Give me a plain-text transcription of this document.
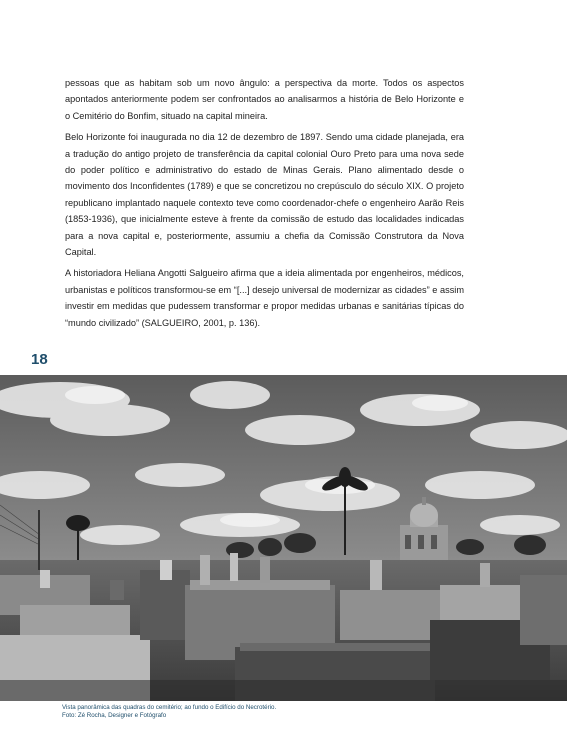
pessoas que as habitam sob um novo ângulo: a perspectiva da morte. Todos os aspectos apontados anteriormente podem ser confrontados ao analisarmos a história de Belo Horizonte e o Cemitério do Bonfim, situado na capital mineira.

Belo Horizonte foi inaugurada no dia 12 de dezembro de 1897. Sendo uma cidade planejada, era a tradução do antigo projeto de transferência da capital colonial Ouro Preto para uma nova sede do poder político e administrativo do estado de Minas Gerais. Plano alimentado desde o movimento dos Inconfidentes (1789) e que se concretizou no crepúsculo do século XIX. O projeto republicano implantado naquele contexto teve como coordenador-chefe o engenheiro Aarão Reis (1853-1936), que inicialmente esteve à frente da comissão de estudo das localidades indicadas para a nova capital e, posteriormente, assumiu a chefia da Comissão Construtora da Nova Capital.

A historiadora Heliana Angotti Salgueiro afirma que a ideia alimentada por engenheiros, médicos, urbanistas e políticos transformou-se em “[...] desejo universal de modernizar as cidades” e assim investir em medidas que pudessem transformar e propor medidas urbanas e sanitárias típicas do “mundo civilizado” (SALGUEIRO, 2001, p. 136).

18
Vista panorâmica das quadras do cemitério; ao fundo o Edifício do Necrotério.
Foto: Zé Rocha, Designer e Fotógrafo
